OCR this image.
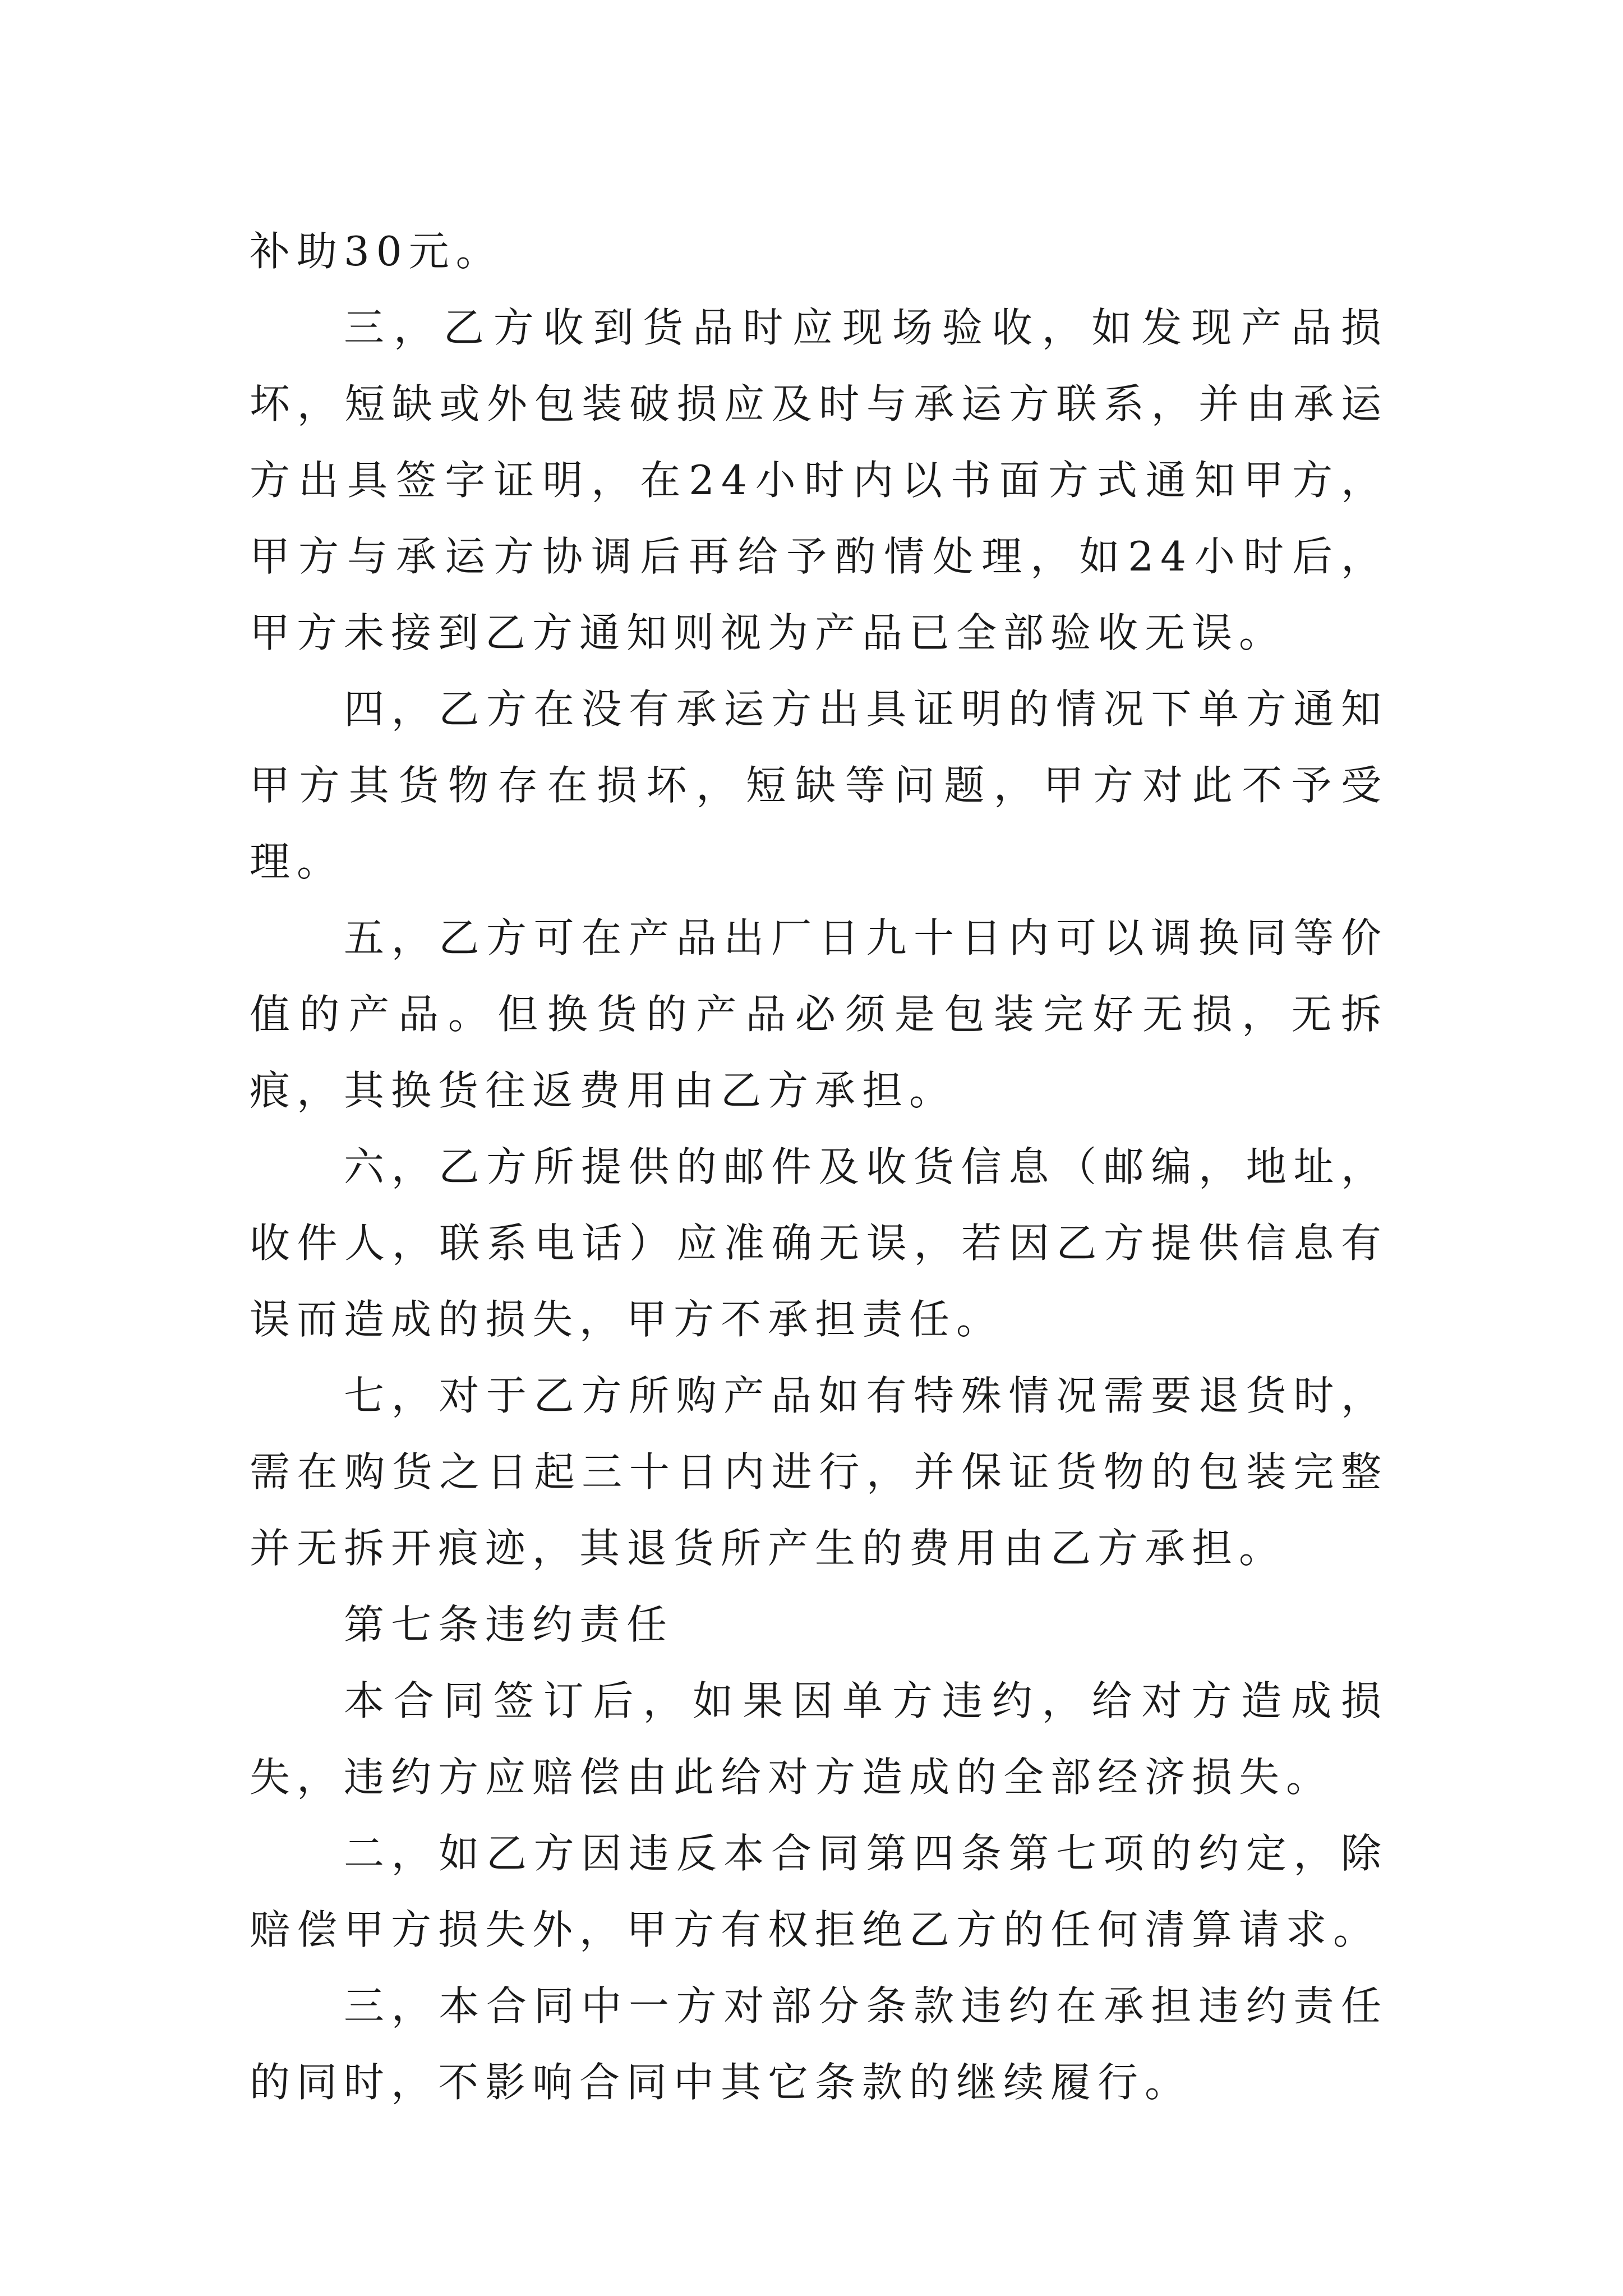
补助30元。

三，乙方收到货品时应现场验收，如发现产品损坏，短缺或外包装破损应及时与承运方联系，并由承运方出具签字证明，在24小时内以书面方式通知甲方，甲方与承运方协调后再给予酌情处理，如24小时后，甲方未接到乙方通知则视为产品已全部验收无误。

四，乙方在没有承运方出具证明的情况下单方通知甲方其货物存在损坏，短缺等问题，甲方对此不予受理。

五，乙方可在产品出厂日九十日内可以调换同等价值的产品。但换货的产品必须是包装完好无损，无拆痕，其换货往返费用由乙方承担。

六，乙方所提供的邮件及收货信息（邮编，地址，收件人，联系电话）应准确无误，若因乙方提供信息有误而造成的损失，甲方不承担责任。

七，对于乙方所购产品如有特殊情况需要退货时，需在购货之日起三十日内进行，并保证货物的包装完整并无拆开痕迹，其退货所产生的费用由乙方承担。

第七条违约责任

本合同签订后，如果因单方违约，给对方造成损失，违约方应赔偿由此给对方造成的全部经济损失。

二，如乙方因违反本合同第四条第七项的约定，除赔偿甲方损失外，甲方有权拒绝乙方的任何清算请求。

三，本合同中一方对部分条款违约在承担违约责任的同时，不影响合同中其它条款的继续履行。
